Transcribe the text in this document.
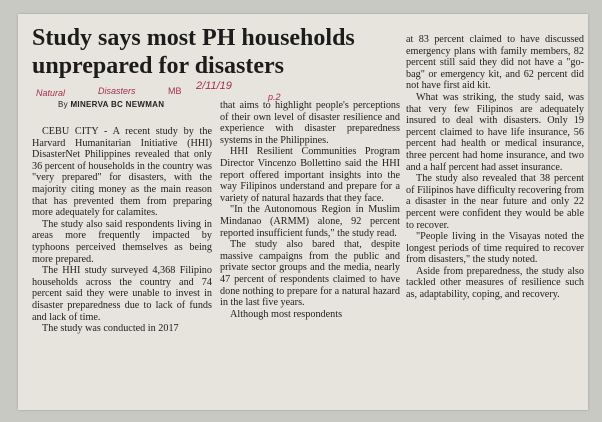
Study says most PH households unprepared for disasters
Natural	Disasters	MB 2/11/19
p.2
By MINERVA BC NEWMAN

CEBU CITY - A recent study by the Harvard Humanitarian Initiative (HHI) DisasterNet Philippines revealed that only 36 percent of households in the country was "very prepared" for disasters, with the majority citing money as the main reason that has prevented them from preparing more adequately for calamites.

The study also said respondents living in areas more frequently impacted by typhoons perceived themselves as being more prepared.

The HHI study surveyed 4,368 Filipino households across the country and 74 percent said they were unable to invest in disaster preparedness due to lack of funds and lack of time.

The study was conducted in 2017

that aims to highlight people's perceptions of their own level of disaster resilience and experience with disaster preparedness systems in the Philippines.

HHI Resilient Communities Program Director Vincenzo Bollettino said the HHI report offered important insights into the way Filipinos understand and prepare for a variety of natural hazards that they face.

"In the Autonomous Region in Muslim Mindanao (ARMM) alone, 92 percent reported insufficient funds," the study read.

The study also bared that, despite massive campaigns from the public and private sector groups and the media, nearly 47 percent of respondents claimed to have done nothing to prepare for a natural hazard in the last five years.

Although most respondents

at 83 percent claimed to have discussed emergency plans with family members, 82 percent still said they did not have a "go-bag" or emergency kit, and 62 percent did not have first aid kit.

What was striking, the study said, was that very few Filipinos are adequately insured to deal with disasters. Only 19 percent claimed to have life insurance, 56 percent had health or medical insurance, three percent had home insurance, and two and a half percent had asset insurance.

The study also revealed that 38 percent of Filipinos have difficulty recovering from a disaster in the near future and only 22 percent were confident they would be able to recover.

"People living in the Visayas noted the longest periods of time required to recover from disasters," the study noted.

Aside from preparedness, the study also tackled other measures of resilience such as, adaptability, coping, and recovery.
